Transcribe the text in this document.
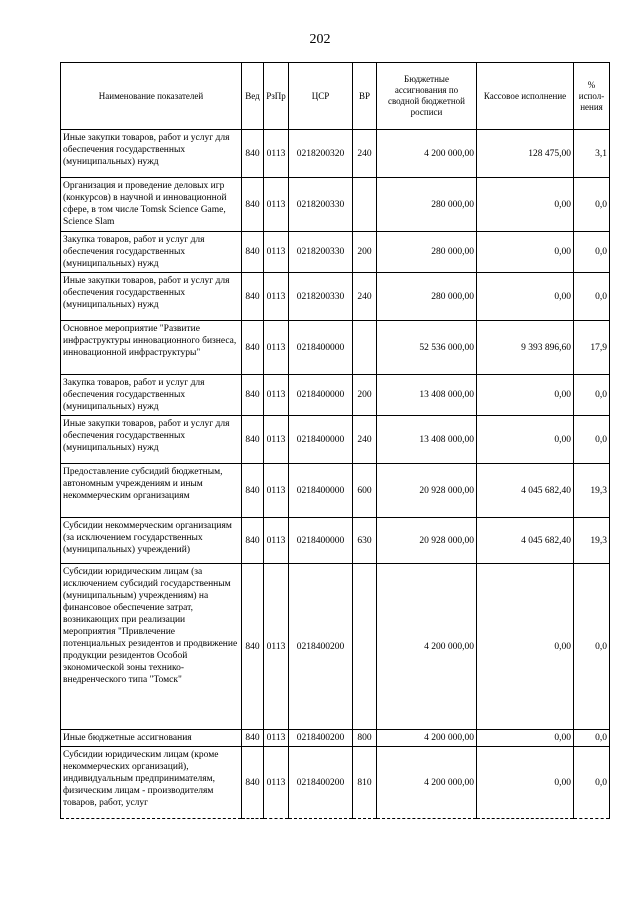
202
Наименование показателей	Вед	РзПр	ЦСР	ВР	Бюджетные ассигнования по сводной бюджетной росписи	Кассовое исполнение	% испол-нения
Иные закупки товаров, работ и услуг для обеспечения государственных (муниципальных) нужд	840	0113	0218200320	240	4 200 000,00	128 475,00	3,1
Организация и проведение деловых игр (конкурсов) в научной и инновационной сфере, в том числе Tomsk Science Game, Science Slam	840	0113	0218200330		280 000,00	0,00	0,0
Закупка товаров, работ и услуг для обеспечения государственных (муниципальных) нужд	840	0113	0218200330	200	280 000,00	0,00	0,0
Иные закупки товаров, работ и услуг для обеспечения государственных (муниципальных) нужд	840	0113	0218200330	240	280 000,00	0,00	0,0
Основное мероприятие "Развитие инфраструктуры инновационного бизнеса, инновационной инфраструктуры"	840	0113	0218400000		52 536 000,00	9 393 896,60	17,9
Закупка товаров, работ и услуг для обеспечения государственных (муниципальных) нужд	840	0113	0218400000	200	13 408 000,00	0,00	0,0
Иные закупки товаров, работ и услуг для обеспечения государственных (муниципальных) нужд	840	0113	0218400000	240	13 408 000,00	0,00	0,0
Предоставление субсидий бюджетным, автономным учреждениям и иным некоммерческим организациям	840	0113	0218400000	600	20 928 000,00	4 045 682,40	19,3
Субсидии некоммерческим организациям (за исключением государственных (муниципальных) учреждений)	840	0113	0218400000	630	20 928 000,00	4 045 682,40	19,3
Субсидии юридическим лицам (за исключением субсидий государственным (муниципальным) учреждениям) на финансовое обеспечение затрат, возникающих при реализации мероприятия "Привлечение потенциальных резидентов и продвижение продукции резидентов Особой экономической зоны технико-внедренческого типа "Томск"	840	0113	0218400200		4 200 000,00	0,00	0,0
Иные бюджетные ассигнования	840	0113	0218400200	800	4 200 000,00	0,00	0,0
Субсидии юридическим лицам (кроме некоммерческих организаций), индивидуальным предпринимателям, физическим лицам - производителям товаров, работ, услуг	840	0113	0218400200	810	4 200 000,00	0,00	0,0
